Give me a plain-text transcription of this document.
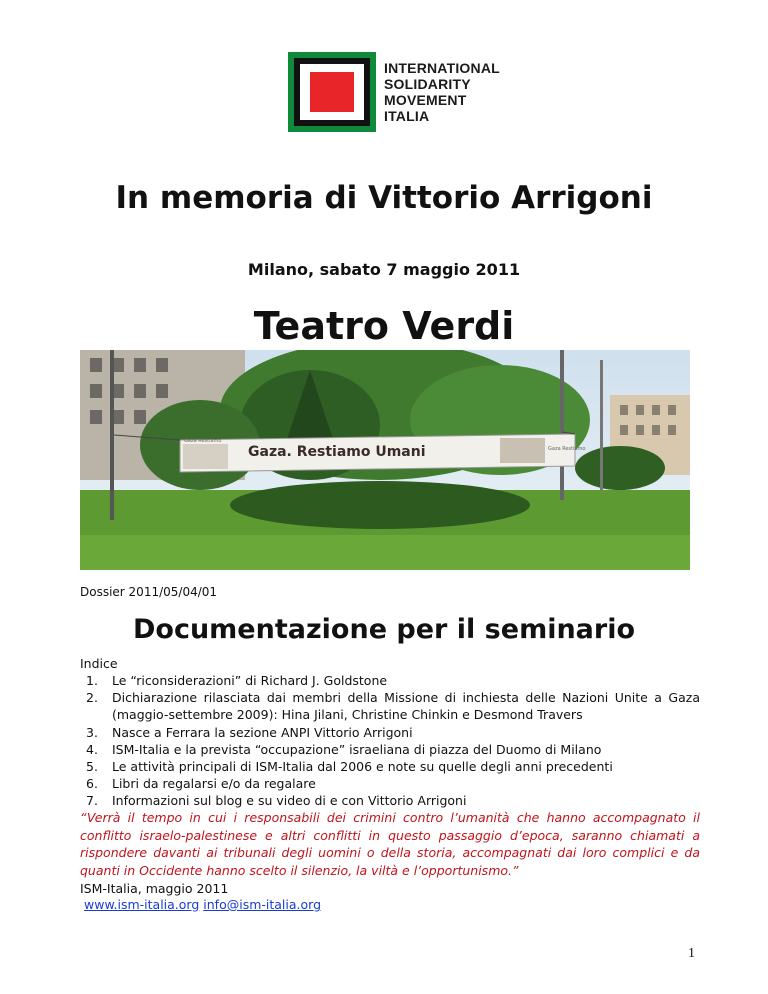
INTERNATIONAL
SOLIDARITY
MOVEMENT
ITALIA
In memoria di Vittorio Arrigoni
Milano, sabato 7 maggio 2011
Teatro Verdi
Gaza. Restiamo Umani
Gaza Restiamo
Gaza Restiamo
Dossier 2011/05/04/01
Documentazione per il seminario
Indice
1. Le “riconsiderazioni” di Richard J. Goldstone
2. Dichiarazione rilasciata dai membri della Missione di inchiesta delle Nazioni Unite a Gaza (maggio-settembre 2009): Hina Jilani, Christine Chinkin e Desmond Travers
3. Nasce a Ferrara la sezione ANPI Vittorio Arrigoni
4. ISM-Italia e la prevista “occupazione” israeliana di piazza del Duomo di Milano
5. Le attività principali di ISM-Italia dal 2006 e note su quelle degli anni precedenti
6. Libri da regalarsi e/o da regalare
7. Informazioni sul blog e su video di e con Vittorio Arrigoni
“Verrà il tempo in cui i responsabili dei crimini contro l’umanità che hanno accompagnato il conflitto israelo-palestinese e altri conflitti in questo passaggio d’epoca, saranno chiamati a rispondere davanti ai tribunali degli uomini o della storia, accompagnati dai loro complici e da quanti in Occidente hanno scelto il silenzio, la viltà e l’opportunismo.”
ISM-Italia, maggio 2011
www.ism-italia.org info@ism-italia.org
1
